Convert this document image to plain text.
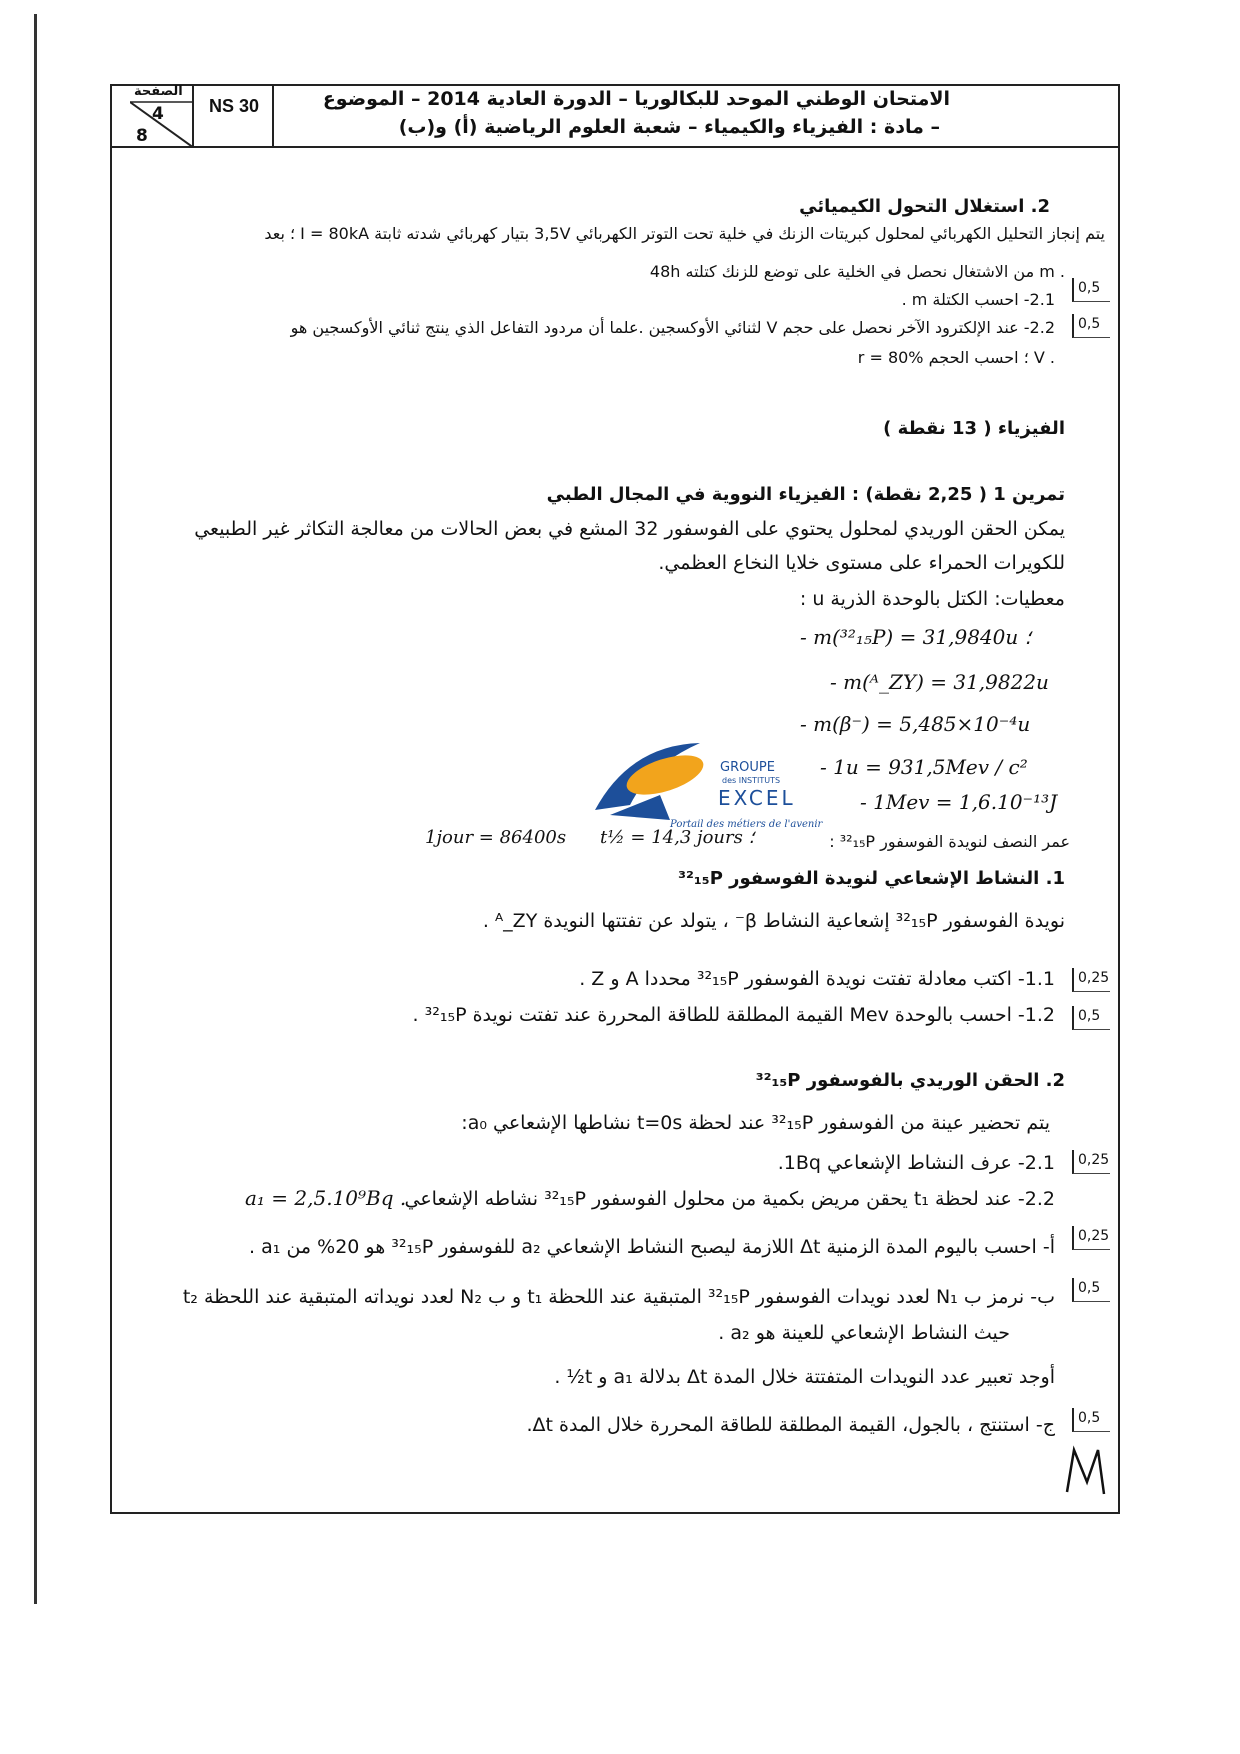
الصفحة
4
8
NS 30	الامتحان الوطني الموحد للبكالوريا – الدورة العادية 2014 – الموضوع
– مادة : الفيزياء والكيمياء – شعبة العلوم الرياضية (أ) و(ب)
2. استغلال التحول الكيميائي
يتم إنجاز التحليل الكهربائي لمحلول كبريتات الزنك في خلية تحت التوتر الكهربائي 3,5V بتيار كهربائي شدته ثابتة I = 80kA ؛ بعد
48h من الاشتغال نحصل في الخلية على توضع للزنك كتلته m .
2.1- احسب الكتلة m .
0,5
2.2- عند الإلكترود الآخر نحصل على حجم V لثنائي الأوكسجين .علما أن مردود التفاعل الذي ينتج ثنائي الأوكسجين هو	0,5
r = 80% ؛ احسب الحجم V .
الفيزياء ( 13 نقطة )
تمرين 1 ( 2,25 نقطة) : الفيزياء النووية في المجال الطبي
يمكن الحقن الوريدي لمحلول يحتوي على الفوسفور 32 المشع في بعض الحالات من معالجة التكاثر غير الطبيعي
للكويرات الحمراء على مستوى خلايا النخاع العظمي.
معطيات: الكتل بالوحدة الذرية u :
- m(³²₁₅P) = 31,9840u ؛
- m(ᴬ_ZY) = 31,9822u
- m(β⁻) = 5,485×10⁻⁴u
- 1u = 931,5Mev / c²
- 1Mev = 1,6.10⁻¹³J
GROUPE
des INSTITUTS
EXCEL
Portail des métiers de l'avenir
عمر النصف لنويدة الفوسفور ³²₁₅P :
t½ = 14,3 jours ؛
1jour = 86400s
1. النشاط الإشعاعي لنويدة الفوسفور ³²₁₅P
نويدة الفوسفور ³²₁₅P إشعاعية النشاط β⁻ ، يتولد عن تفتتها النويدة ᴬ_ZY .
1.1- اكتب معادلة تفتت نويدة الفوسفور ³²₁₅P محددا A و Z .	0,25
1.2- احسب بالوحدة Mev القيمة المطلقة للطاقة المحررة عند تفتت نويدة ³²₁₅P .	0,5
2. الحقن الوريدي بالفوسفور ³²₁₅P
يتم تحضير عينة من الفوسفور ³²₁₅P عند لحظة t=0s نشاطها الإشعاعي a₀:
2.1- عرف النشاط الإشعاعي 1Bq.	0,25
2.2- عند لحظة t₁ يحقن مريض بكمية من محلول الفوسفور ³²₁₅P نشاطه الإشعاعي
a₁ = 2,5.10⁹Bq .
أ- احسب باليوم المدة الزمنية Δt اللازمة ليصبح النشاط الإشعاعي a₂ للفوسفور ³²₁₅P هو 20% من a₁ .	0,25
ب- نرمز ب N₁ لعدد نويدات الفوسفور ³²₁₅P المتبقية عند اللحظة t₁ و ب N₂ لعدد نويداته المتبقية عند اللحظة t₂	0,5
حيث النشاط الإشعاعي للعينة هو a₂ .
أوجد تعبير عدد النويدات المتفتتة خلال المدة Δt بدلالة a₁ و t½ .
ج- استنتج ، بالجول، القيمة المطلقة للطاقة المحررة خلال المدة Δt.	0,5
